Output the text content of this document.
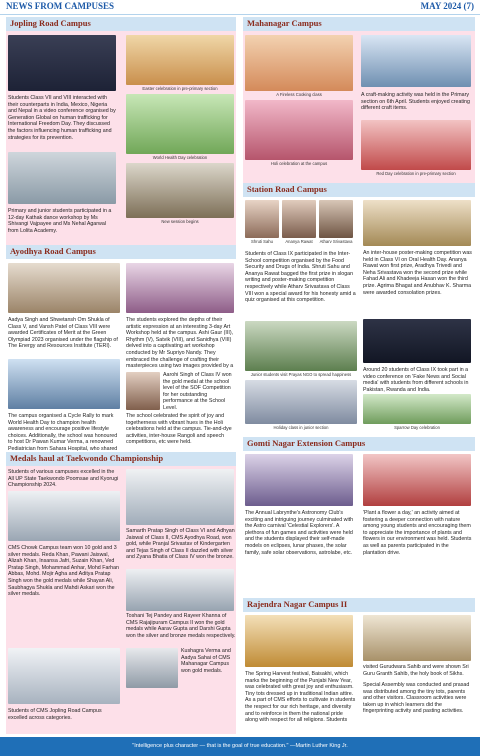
NEWS FROM CAMPUSES	MAY 2024 (7)
Jopling Road Campus	Mahanagar Campus
Station Road Campus
Ayodhya Road Campus
Medals haul at Taekwondo Championship
Gomti Nagar Extension Campus
Rajendra Nagar Campus II
Students Class VII and VIII interacted with their counterparts in India, Mexico, Nigeria and Nepal in a video conference organised by Generation Global on human trafficking for International Freedom Day. They discussed the factors influencing human trafficking and strategies for its prevention.
Primary and junior students participated in a 12-day Kathak dance workshop by Ms Shivangi Vajpayee and Ms Nehal Agarwal from Lolita Academy.
Easter celebration in pre-primary section
World Health Day celebration
New session begins
A Fireless Cooking class
Holi celebration at the campus
A craft-making activity was held in the Primary section on 6th April. Students enjoyed creating different craft items.
Red Day celebration in pre-primary section
Shruti Sahu	Ananya Rawat	Atharv Srivastava
Students of Class IX participated in the Inter-School competition organised by the Food Security and Drugs of India. Shruti Sahu and Ananya Rawat bagged the first prize in slogan writing and poster-making competition respectively while Atharv Srivastava of Class VIII won a special award for his honesty amid a quiz organised at this competition.
Junior students visit Prayas NGO to spread happiness
Holiday class in junior section
An inter-house poster-making competition was held in Class VI on Oral Health Day. Ananya Rawat won first prize, Aradhya Trivedi and Neha Srivastava won the second prize while Fahad Ali and Khadeeja Hasan won the third prize. Agrima Bhagat and Anubhav K. Sharma were awarded consolation prizes.
Around 20 students of Class IX took part in a video conference on 'Fake News and Social media' with students from different schools in Pakistan, Rwanda and India.
Sparrow Day celebration
Aadya Singh and Shwetansh Om Shukla of Class V, and Vansh Patel of Class VIII were awarded Certificates of Merit at the Green Olympiad 2023 organised under the flagship of The Energy and Resources Institute (TERI).
The campus organised a Cycle Rally to mark World Health Day to champion health awareness and encourage positive lifestyle choices. Additionally, the school was honoured to host Dr Pawan Kumar Verma, a renowned Pediatrician from Sahara Hospital, who shared
The students explored the depths of their artistic expression at an interesting 3-day Art Workshop held at the campus. Ashi Gaur (III), Rhythm (V), Satvik (VIII), and Sanidhya (VIII) delved into a captivating art workshop conducted by Mr Supriyo Nandy. They embraced the challenge of crafting their masterpieces using two images provided by a
Aarohi Singh of Class IV won the gold medal at the school level of the SOF Competition for her outstanding performance at the School Level.
The school celebrated the spirit of joy and togetherness with vibrant hues in the Holi celebrations held at the campus. Tie-and-dye activities, inter-house Rangoli and speech competitions, etc were held.
Students of various campuses excelled in the All UP State Taekwondo Poomsae and Kyorugi Championship 2024.
CMS Chowk Campus team won 10 gold and 3 silver medals. Reda Khan, Pawani Jaiswal, Alizah Khan, Insansa Jafri, Suzain Khan, Ved Pratap Singh, Mohammad Anhar, Mohd Farhan Abbas, Mohd. Mojir Agha and Aditya Pratap Singh won the gold medals while Shayan Ali, Saubhagya Shukla and Mahdi Askari won the silver medals.
Students of CMS Jopling Road Campus excelled across categories.
Samarth Pratap Singh of Class VI and Adhyan Jaiswal of Class II, CMS Ayodhya Road, won gold, while Pranjal Srivastav of Kindergarten and Tejas Singh of Class II dazzled with silver and Zyana Bhatia of Class IV won the bronze.
Toshani Tej Pandey and Rayeer Khanna of CMS Rajajipuram Campus II won the gold medals while Aarav Gupta and Darshi Gupta won the silver and bronze medals respectively.
Kushagra Verma and Aadya Sahai of CMS Mahanagar Campus won gold medals.
The Annual Labrynthe's Astronomy Club's exciting and intriguing journey culminated with the Astro carnival 'Celestial Explorers'. A plethora of fun games and activities were held and the students displayed their self-made models on eclipses, lunar phases, the solar family, safe solar observations, astrolabe, etc.
'Plant a flower a day,' an activity aimed at fostering a deeper connection with nature among young students and encouraging them to appreciate the importance of plants and flowers in our environment was held. Students as well as parents participated in the plantation drive.
The Spring Harvest festival, Baisakhi, which marks the beginning of the Punjabi New Year, was celebrated with great joy and enthusiasm. Tiny tots dressed up in traditional Indian attire. As a part of CMS efforts to cultivate in students the respect for our rich heritage, and diversity and to reinforce in them the national pride along with respect for all religions. Students
visited Gurudwara Sahib and were shown Sri Guru Granth Sahib, the holy book of Sikhs.
Special Assembly was conducted and prasad was distributed among the tiny tots, parents and other visitors. Classroom activities were taken up in which learners did the fingerprinting activity and pasting activities.
"Intelligence plus character — that is the goal of true education." —Martin Luther King Jr.
